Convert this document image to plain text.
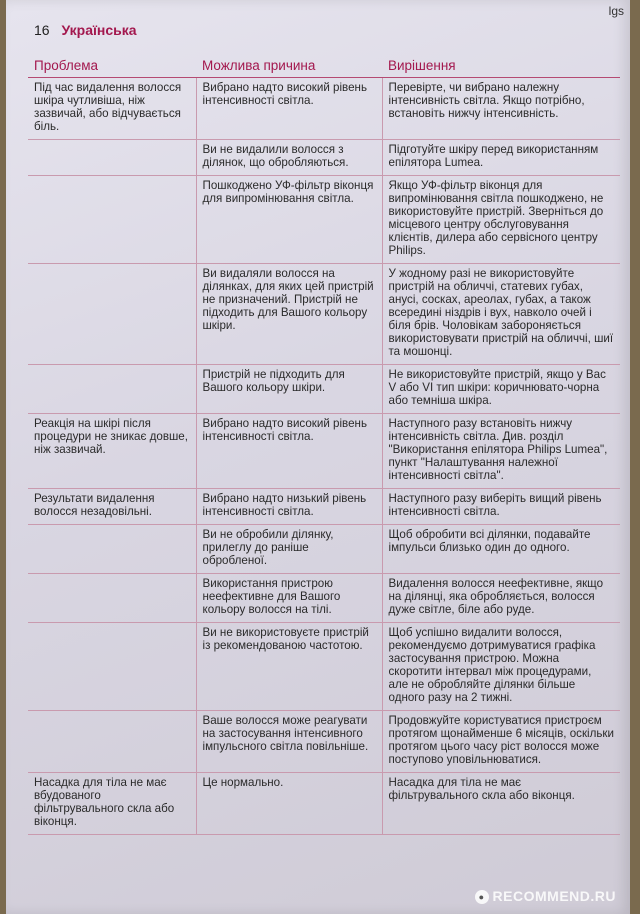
lgs
16 Українська
Проблема	Можлива причина	Вирішення
Під час видалення волосся шкіра чутливіша, ніж зазвичай, або відчувається біль.	Вибрано надто високий рівень інтенсивності світла.	Перевірте, чи вибрано належну інтенсивність світла. Якщо потрібно, встановіть нижчу інтенсивність.
	Ви не видалили волосся з ділянок, що обробляються.	Підготуйте шкіру перед використанням епілятора Lumea.
	Пошкоджено УФ-фільтр віконця для випромінювання світла.	Якщо УФ-фільтр віконця для випромінювання світла пошкоджено, не використовуйте пристрій. Зверніться до місцевого центру обслуговування клієнтів, дилера або сервісного центру Philips.
	Ви видаляли волосся на ділянках, для яких цей пристрій не призначений. Пристрій не підходить для Вашого кольору шкіри.	У жодному разі не використовуйте пристрій на обличчі, статевих губах, анусі, сосках, ареолах, губах, а також всередині ніздрів і вух, навколо очей і біля брів. Чоловікам забороняється використовувати пристрій на обличчі, шиї та мошонці.
	Пристрій не підходить для Вашого кольору шкіри.	Не використовуйте пристрій, якщо у Вас V або VI тип шкіри: коричнювато-чорна або темніша шкіра.
Реакція на шкірі після процедури не зникає довше, ніж зазвичай.	Вибрано надто високий рівень інтенсивності світла.	Наступного разу встановіть нижчу інтенсивність світла. Див. розділ "Використання епілятора Philips Lumea", пункт "Налаштування належної інтенсивності світла".
Результати видалення волосся незадовільні.	Вибрано надто низький рівень інтенсивності світла.	Наступного разу виберіть вищий рівень інтенсивності світла.
	Ви не обробили ділянку, прилеглу до раніше обробленої.	Щоб обробити всі ділянки, подавайте імпульси близько один до одного.
	Використання пристрою неефективне для Вашого кольору волосся на тілі.	Видалення волосся неефективне, якщо на ділянці, яка обробляється, волосся дуже світле, біле або руде.
	Ви не використовуєте пристрій із рекомендованою частотою.	Щоб успішно видалити волосся, рекомендуємо дотримуватися графіка застосування пристрою. Можна скоротити інтервал між процедурами, але не обробляйте ділянки більше одного разу на 2 тижні.
	Ваше волосся може реагувати на застосування інтенсивного імпульсного світла повільніше.	Продовжуйте користуватися пристроєм протягом щонайменше 6 місяців, оскільки протягом цього часу ріст волосся може поступово уповільнюватися.
Насадка для тіла не має вбудованого фільтрувального скла або віконця.	Це нормально.	Насадка для тіла не має фільтрувального скла або віконця.
● RECOMMEND.RU
